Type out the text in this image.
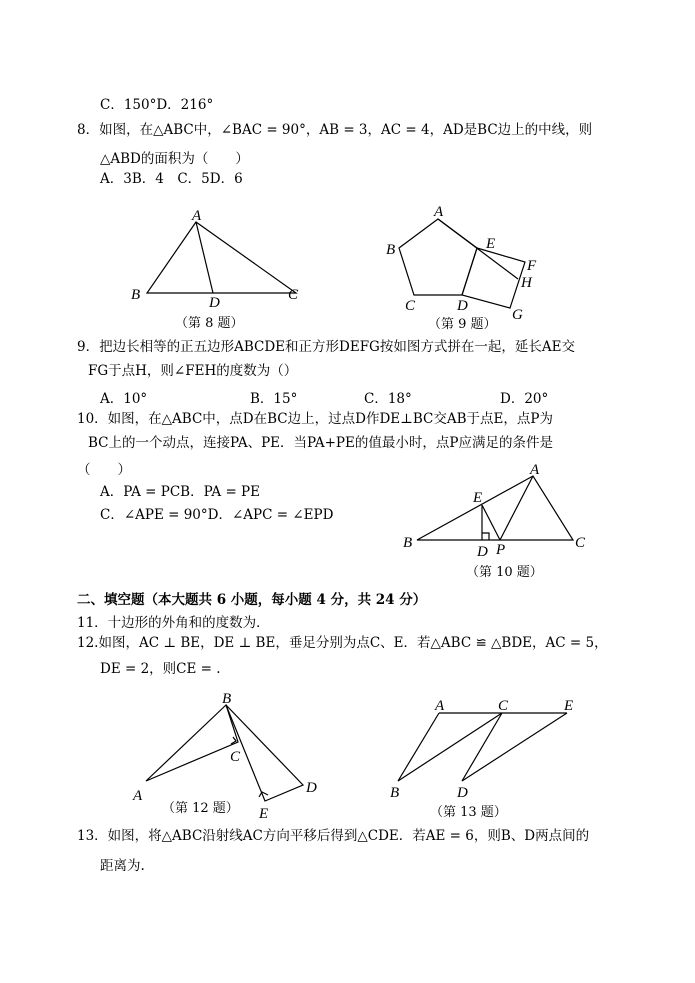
C．150°D．216°
8．如图，在△ABC中，∠BAC = 90°，AB = 3，AC = 4，AD是BC边上的中线，则
△ABD的面积为（　　）
A．3B．4　C．5D．6
A
B	D	C
（第 8 题）
A
B	E
F
H
C	D
G
（第 9 题）
9．把边长相等的正五边形ABCDE和正方形DEFG按如图方式拼在一起，延长AE交
FG于点H，则∠FEH的度数为（）
A．10°	B．15°	C．18°	D．20°
10．如图，在△ABC中，点D在BC边上，过点D作DE⊥BC交AB于点E，点P为
BC上的一个动点，连接PA、PE．当PA+PE的值最小时，点P应满足的条件是
（　　）
A．PA = PCB．PA = PE
C．∠APE = 90°D．∠APC = ∠EPD
A
E
B
D P	C
（第 10 题）
二、填空题（本大题共 6 小题，每小题 4 分，共 24 分）
11．十边形的外角和的度数为．
12.如图，AC ⊥ BE，DE ⊥ BE，垂足分别为点C、E．若△ABC ≌ △BDE，AC = 5，
DE = 2，则CE = .
B
C
A	D
E
（第 12 题）
A	C	E
B	D
（第 13 题）
13．如图，将△ABC沿射线AC方向平移后得到△CDE．若AE = 6，则B、D两点间的
距离为.
